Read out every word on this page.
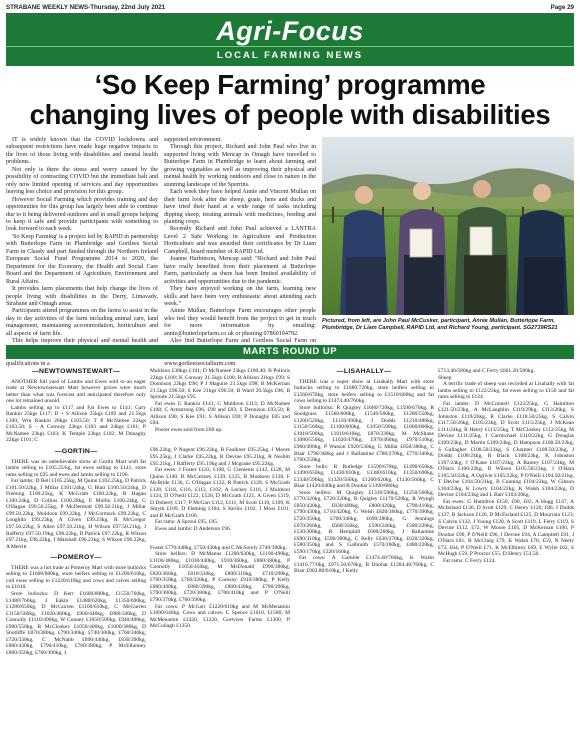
STRABANE WEEKLY NEWS-Thursday, 22nd July 2021	Page 29
Agri-Focus
LOCAL FARMING NEWS
‘So Keep Farming’ programme
changing lives of people with disabilities

IT is widely known that the COVID lockdowns and subsequent restrictions have made huge negative impacts to the lives of those living with disabilities and mental health problems.

Not only is there the stress and worry caused by the possibility of contracting COVID but the immediate halt and only now limited opening of services and day opportunities leaving less choice and provision for this group.

However Social Farming which provides training and day opportunities for this group has largely been able to continue due to it being delivered outdoors and in small groups helping to keep it safe and provide participants with something to look forward to each week.

'So Keep Farming' is a project led by RAPID in partnership with Butterlope Farm in Plumbridge and Gortlees Social Farm in Claudy and part funded through the Northern Ireland European Social Fund Programme 2014 to 2020, the Department for the Economy, the Health and Social Care Board and the Department of Agriculture, Environment and Rural Affairs.

It provides farm placements that help change the lives of people living with disabilities in the Derry, Limavady, Strabane and Omagh areas.

Participants attend programmes on the farms to assist in the day to day activities of the farm including animal care, land management, maintaining accommodation, horticulture and all aspects of farm life.

This helps improve their physical and mental health and qualifications in a

supported environment.

Through this project, Richard and John Paul who live in supported living with Mencap in Omagh have travelled to Butterlope Farm in Plumbridge to learn about farming and growing vegetables as well as improving their physical and mental health by working outdoors and close to nature in the stunning landscape of the Sperrins.

Each week they have helped Annie and Vincent Mullan on their farm look after the sheep, goats, hens and ducks and have tried their hand at a wide range of tasks including dipping sheep, treating animals with medicines, feeding and planting crops.

Recently Richard and John Paul achieved a LANTRA Level 2 Safe Working in Agriculture and Production Horticulture and was awarded their certificates by Dr Liam Campbell, board member of RAPID Ltd.

Joanne Harbinson, Mencap said: “Richard and John Paul have really benefited from their placement at Butterlope Farm, particularly as there has been limited availability of activities and opportunities due to the pandemic.

They have enjoyed working on the farm, learning new skills and have been very enthusiastic about attending each week.”

Annie Mullan, Butterlope Farm encourages other people who feel they would benefit from the project to get in touch for more information by emailing: annie@butterlopefarm.co.uk or phoning 07860194792.

Also find Butterlope Farm and Gortlees Social Farm on

www.gortleessocialfarm.com

Pictured, from left, are John Paul McCusker, participant, Annie Mullan, Butterlope Farm, Plumbridge, Dr Liam Campbell, RAPID Ltd, and Richard Young, participant. SG2739RS21
MARTS ROUND UP
—NEWTOWNSTEWART—

ANOTHER full yard of Lambs and Ewes sold to an eager trade at Newtownstewart Mart however prices were much better than what was forecast and anticipated therefore only one lot remained unsold.

Lambs selling up to £117 and Fat Ewes to £141: Gary Rankin 25kgs £117; D + S Allison 25kgs £109 and 21.5kgs £100; Wm Rankin 26kgs £103.50; T P McNamee 22kgs £103.50; S - A Conway 23kgs £103 and 24kgs £101; P McNamee 23kgs £103; K Temple 23kgs £102; M Donaghy 22kgs £101; C

—GORTIN—

THERE was an unbelievable show at Gortin Mart with fat lambs selling to £105.25/kg, fat ewes selling to £141, store rams selling to £95 and ewes and lambs selling to £196.

Fat lambs: D Bell £105.25kg, M Quinn £102.25kg, D Patrick £101.50/22kg, J Millar £101/24kg, G Blair £100.50/24kg, D Fleming £100.25kg, K McGrath £100.22kg, R Hagan £100.24kg, D Collins £100.28kg, E Mullin £100.24kg, G O'Hagan £99.50.25kg, P McDermott £99.50.21kg, J Millar £99.50.22kg, Muldoon £99.22kg, J McCormack £99.22kg, C Loughlin £99.23kg, A Given £99.23kg, R McGregor £97.50.22kg, S Allen £97.50.21kg, H Wilson £97.50.21kg, J Rafferty £97.50.19kg, £96.22kg, D Patrick £97.22kg, R Wilson £97.21kg, £96.22kg, J Marshall £96.22kg, S Wilson £96.22kg, A Merritt

—POMEROY—

THERE was a hot trade at Pomeroy Mart with store bullocks selling to £1600/800kg, store heifers selling to £1200/610kg, cull ewes selling to £1220/610kg and cows and calves selling to £1610.

Store bullocks: D Kerr £1600/800kg, £1550/760kg, £1480/760kg, J Eakin £1480/620kg, £1350/690kg, £1280/650kg, D McGurren £1100/610kg, C McGurren £1150/560kg, £1020/460kg, £900/440kg, £880/340kg, D Connolly £1110/490kg, W Cooney £1050/500kg, £940/490kg, £900/550kg, B McCloskey £1050/400kg, £1000/380kg, D Shotliffe £870/380kg, £790/340kg, £740/300kg, £760/340kg, £720/330kg, C McNabb £890/440kg, £830/390kg, £800/430kg, £790/410kg, £780/380kg, P McElhinney £800/350kg, £760/300kg, J

Muldoon £38kgs £101; D McNamee 23kgs £100.40; B Pollock 22kgs £100; K Conway 21.5kgs £100; R Allison 21kgs £99; S Donnison 22kgs £98; P J Maguire 21.5kgs £98; B McKernan 21.5kgs £96.50; S Kee 21kgs £96.50; B Ward 20.5kgs £96; B Sproule 21.5kgs £95.

Fat ewes G Rankin £141; C Muldoon £113; D McNamee £108; C Armstrong £96, £90 and £83; S Dennison £93.50; R Allison £90; S Kee £91; S Allison £90; P Donaghy £85 and £84.

Poorer ewes sold from £60 up.

£96.22kg, P Nugent £96.22kg, B Faulkner £95.25kg, J Moore £95.25kg, J Clarke £95.22kg, R Devine £95.21kg, R Nesbitt £95.21kg, J Rafferty £95.19kg and J Mcgrane £95.22kg.

Fat ewes: J Foster £143, £108, G Clements £142, £128, M Quinn £140, B McCartney £139, £125, R Muldoon £138, F McBride £136, G O'Hagan £132, R Patrick £128, S McGrath £128, £118, £116, £112, £102, A Leckey £116, J Muldoon £124, D O'Neill £122, £120, D McGrath £121, A Given £119, D Doherty £117, P McGarr £112, £111, M Scott £110, £109, K Smyth £109, D Fleming £104, S Kerlin £102, J Moss £101, and B McGrath £100.

Fat rams: A Sproul £95, £95.

Ewes and lambs: D Anderson £96.

Foster £770/448kg, £750/430kg and C McSorely £740/390kg.

Store heifers: D McManus £1200/630kg, £1190/490kg, £1100/480kg, £1030/440kg, £910/360kg, £860/380kg, P Connolly £1050/450kg, M McDonald £990/380kg, £820/360kg, £810/310kg, £800/310kg, £710/290kg, £760/350kg, £760/320kg, P Conway £910/380kg, P Kelly £880/440kg, £880/390kg, £860/430kg, £780/390kg, £790/380kg, £720/380kg, £700/410kg and P O'Neill £790/370kg, £760/390kg.

Fat cows: P McGarr £1220/610kg and M McMenamin £1090/640kg. Cows and calves: C Spence £1610, £1580, M McMenamin £1420, £1220, Gortview Farms £1300, P McCullagh £1350.

—LISAHALLY—

THERE was a super show at Lisahally Mart with store bullocks selling to £1680/720kg, store heifers selling to £1560/670kg, store heifers selling to £1510/600kg and fat cows selling to £1474.40/760kg.

Store bullocks: R Quigley £1680/720kg, £1590/670kg, R Snodgrass £1560/600kg, £1540/560kg, £1280/550kg, £1200/520kg, £1150/490kg, J Dodds £1210/480kg, £1150/560kg, £1100/600kg, £1050/590kg, £1060/600kg, £1010/500kg, £1010/610kg, £870/330kg, M McShane £1080/550kg, £1020/470kg, £970/460kg, £970/510kg, £960/490kg, P Watson £920/530kg, G Millar £850/380kg, C Blair £790/360kg and J Ballantine £780/270kg, £770/340kg, £760/250kg.

Store bulls: R Rutledge £1590/670kg, £1490/650kg, £1490/650kg, £1430/610kg, £1380/610kg, £1350/690kg, £1340/590kg, £1320/560kg, £1260/620kg, £1130/560kg, C Blair £1420/640kg and B Doohar £1390/680kg.

Store heifers: M Quigley £1310/590kg, £1250/560kg, £770/320kg, £720/320kg, R Quigley £1170/520kg, R Wyngh £850/430kg, £830/400kg, £800/420kg, £790/410kg, £790/430kg, £710/420kg, G Welsh £820/360kg, £770/390kg, £720/350kg, £700/340kg, £690/280kg, G Jennings £670/260kg, £660/350kg, £590/240kg, £580/220kg, £530/300kg, R Hemphill £600/260kg, J Ballantine £690/310kg, £590/300kg, C Kelly £630/370kg, £620/320kg, £580/350kg and S Galbraith £570/260kg, £480/220kg, £590/170kg, £320/160kg.

Fat cows: A Gamble £1474.40/760kg, K Walsh £1416.77/0kg, £971.50/670kg, B Doohar £1284.40/760kg, C Blair £902.80/610kg, J Kelly

£713.40/580kg and C Ferry £661.20/580kg.

Sheep

A terrific trade of sheep was recorded at Lisahally with fat lambs selling to £122/25kg, fat ewes selling to £150 and fat rams selling to £124.

Fat lambs: D McConnell £122/25kg, G Hamilton £121.50/23kg, A McLaughlin £119/29kg, £113/26kg, S Johnston £119/26kg, R Clarke £118.50/25kg, S Calvin £117.50/26kg, £105/23kg, D Scott £115/25kg, J McKean £111/24kg, R Henry £113/25kg, T McCloskey £112/25kg, M Devine £111/25kg, J Carmichael £110/22kg, G Douglas £109/23kg, D Martin £109/24kg, D Hampson £108.50/23kg, S Gallagher £108.50/23kg, S Charmer £108.50/23kg, J Dodds £108/24kg, R Black £108/23kg, K Johnston £107/24kg, J O'Kane £107/23kg, A Rainey £107/24kg, M O'Hara £106/22kg, D Wilson £105.50/23kg, J O'Hara £105.50/22kg, A Ogilvie £105/22kg, P O'Neill £104.50/21kg, T Devine £104.50/21kg, B Cunning £104/22kg, W Gibson £104/23kg, K Lowry £104/22kg, K Walsh £104/22kg, D Devine £104/23kg and L Barr £103/20kg.

Fat ewes: G Hamilton £150, £90, £82, A Hogg £147, A Mcfarland £130, D Scott £129, C Henry £126, £86, J Dodds £127, B Jackson £126, D McFarland £125, D Mourrain £123, S Calvin £122, J Young £120, A Scott £119, L Ferry £119, S Devine £112, £72, W Moore £105, D McKernan £100, P Doohar £96, P O'Neill £96, J Devine £94, A Campbell £91, J O'Hara £81, B McClurg £79, K Walsh £78, £59, N Neely £72, £64, P O'Neill £71, K McElhinny £69, E Wylie £62, S McHugh £59, P Proctor £55, D Henry £51.50.

Fat rams: C Ferry £124.
